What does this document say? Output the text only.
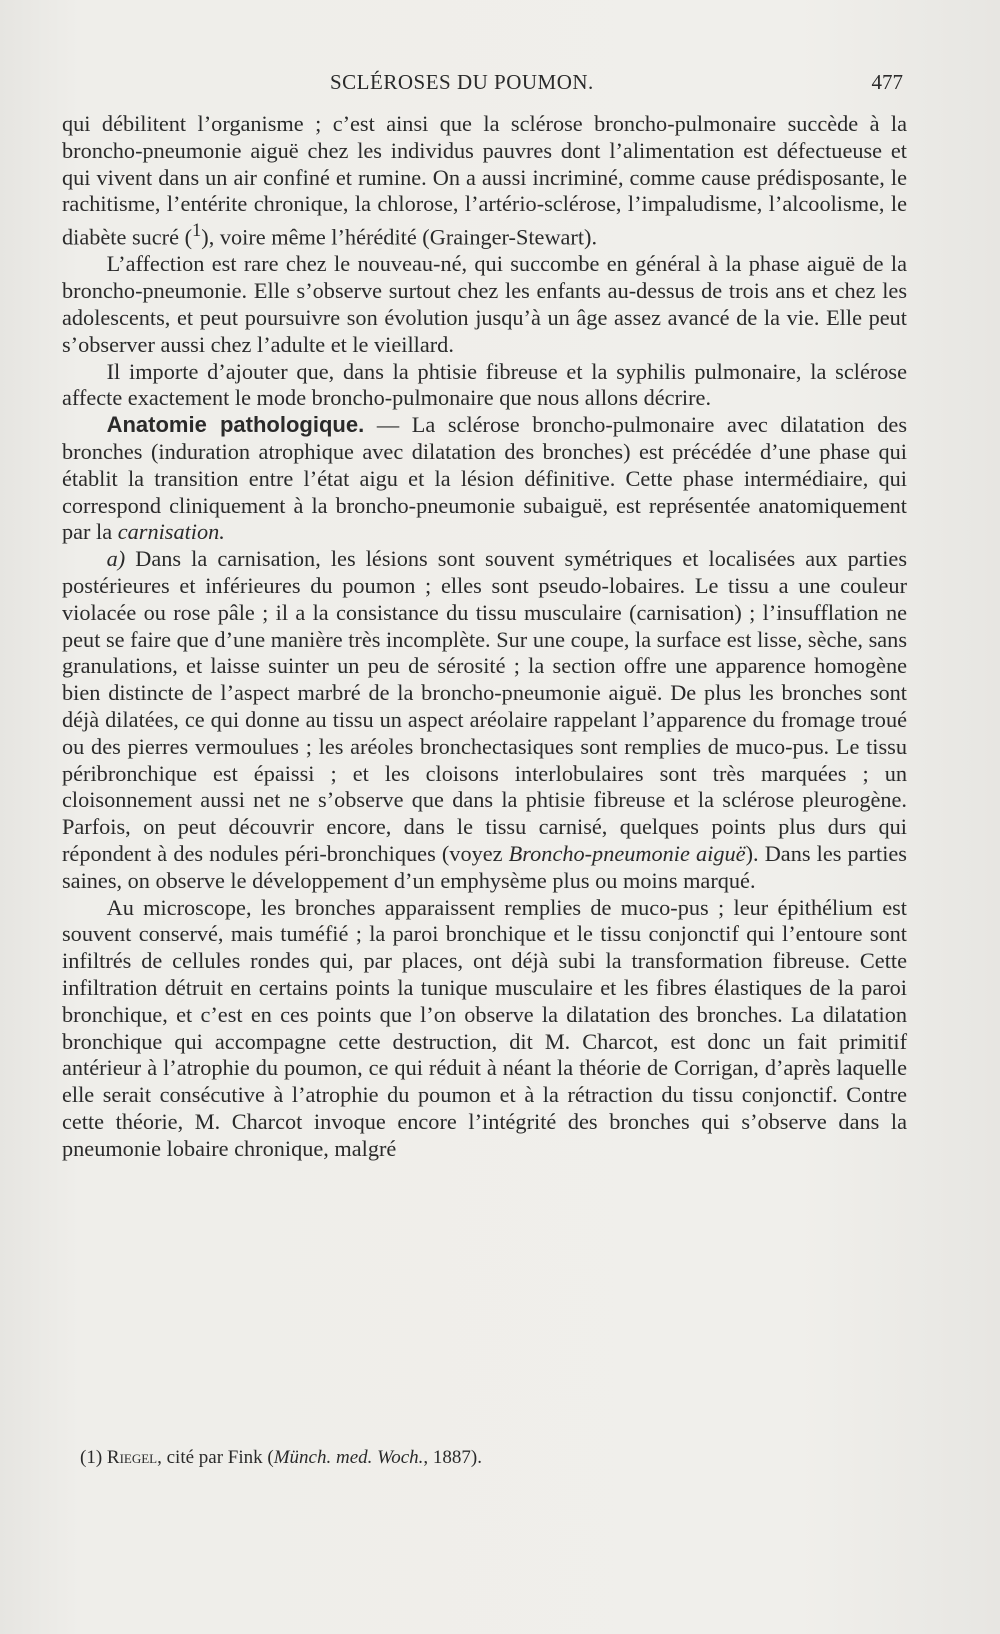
SCLÉROSES DU POUMON.	477

qui débilitent l’organisme ; c’est ainsi que la sclérose broncho-pulmonaire succède à la broncho-pneumonie aiguë chez les individus pauvres dont l’alimentation est défectueuse et qui vivent dans un air confiné et rumine. On a aussi incriminé, comme cause prédisposante, le rachitisme, l’entérite chronique, la chlorose, l’artério-sclérose, l’impaludisme, l’alcoolisme, le diabète sucré ($^1$), voire même l’hérédité (Grainger-Stewart).

L’affection est rare chez le nouveau-né, qui succombe en général à la phase aiguë de la broncho-pneumonie. Elle s’observe surtout chez les enfants au-dessus de trois ans et chez les adolescents, et peut poursuivre son évolution jusqu’à un âge assez avancé de la vie. Elle peut s’observer aussi chez l’adulte et le vieillard.

Il importe d’ajouter que, dans la phtisie fibreuse et la syphilis pulmonaire, la sclérose affecte exactement le mode broncho-pulmonaire que nous allons décrire.

Anatomie pathologique. — La sclérose broncho-pulmonaire avec dilatation des bronches (induration atrophique avec dilatation des bronches) est précédée d’une phase qui établit la transition entre l’état aigu et la lésion définitive. Cette phase intermédiaire, qui correspond cliniquement à la broncho-pneumonie subaiguë, est représentée anatomiquement par la carnisation.

a) Dans la carnisation, les lésions sont souvent symétriques et localisées aux parties postérieures et inférieures du poumon ; elles sont pseudo-lobaires. Le tissu a une couleur violacée ou rose pâle ; il a la consistance du tissu musculaire (carnisation) ; l’insufflation ne peut se faire que d’une manière très incomplète. Sur une coupe, la surface est lisse, sèche, sans granulations, et laisse suinter un peu de sérosité ; la section offre une apparence homogène bien distincte de l’aspect marbré de la broncho-pneumonie aiguë. De plus les bronches sont déjà dilatées, ce qui donne au tissu un aspect aréolaire rappelant l’apparence du fromage troué ou des pierres vermoulues ; les aréoles bronchectasiques sont remplies de muco-pus. Le tissu péribronchique est épaissi ; et les cloisons interlobulaires sont très marquées ; un cloisonnement aussi net ne s’observe que dans la phtisie fibreuse et la sclérose pleurogène. Parfois, on peut découvrir encore, dans le tissu carnisé, quelques points plus durs qui répondent à des nodules péri-bronchiques (voyez Broncho-pneumonie aiguë). Dans les parties saines, on observe le développement d’un emphysème plus ou moins marqué.

Au microscope, les bronches apparaissent remplies de muco-pus ; leur épithélium est souvent conservé, mais tuméfié ; la paroi bronchique et le tissu conjonctif qui l’entoure sont infiltrés de cellules rondes qui, par places, ont déjà subi la transformation fibreuse. Cette infiltration détruit en certains points la tunique musculaire et les fibres élastiques de la paroi bronchique, et c’est en ces points que l’on observe la dilatation des bronches. La dilatation bronchique qui accompagne cette destruction, dit M. Charcot, est donc un fait primitif antérieur à l’atrophie du poumon, ce qui réduit à néant la théorie de Corrigan, d’après laquelle elle serait consécutive à l’atrophie du poumon et à la rétraction du tissu conjonctif. Contre cette théorie, M. Charcot invoque encore l’intégrité des bronches qui s’observe dans la pneumonie lobaire chronique, malgré

(1) Riegel, cité par Fink (Münch. med. Woch., 1887).
